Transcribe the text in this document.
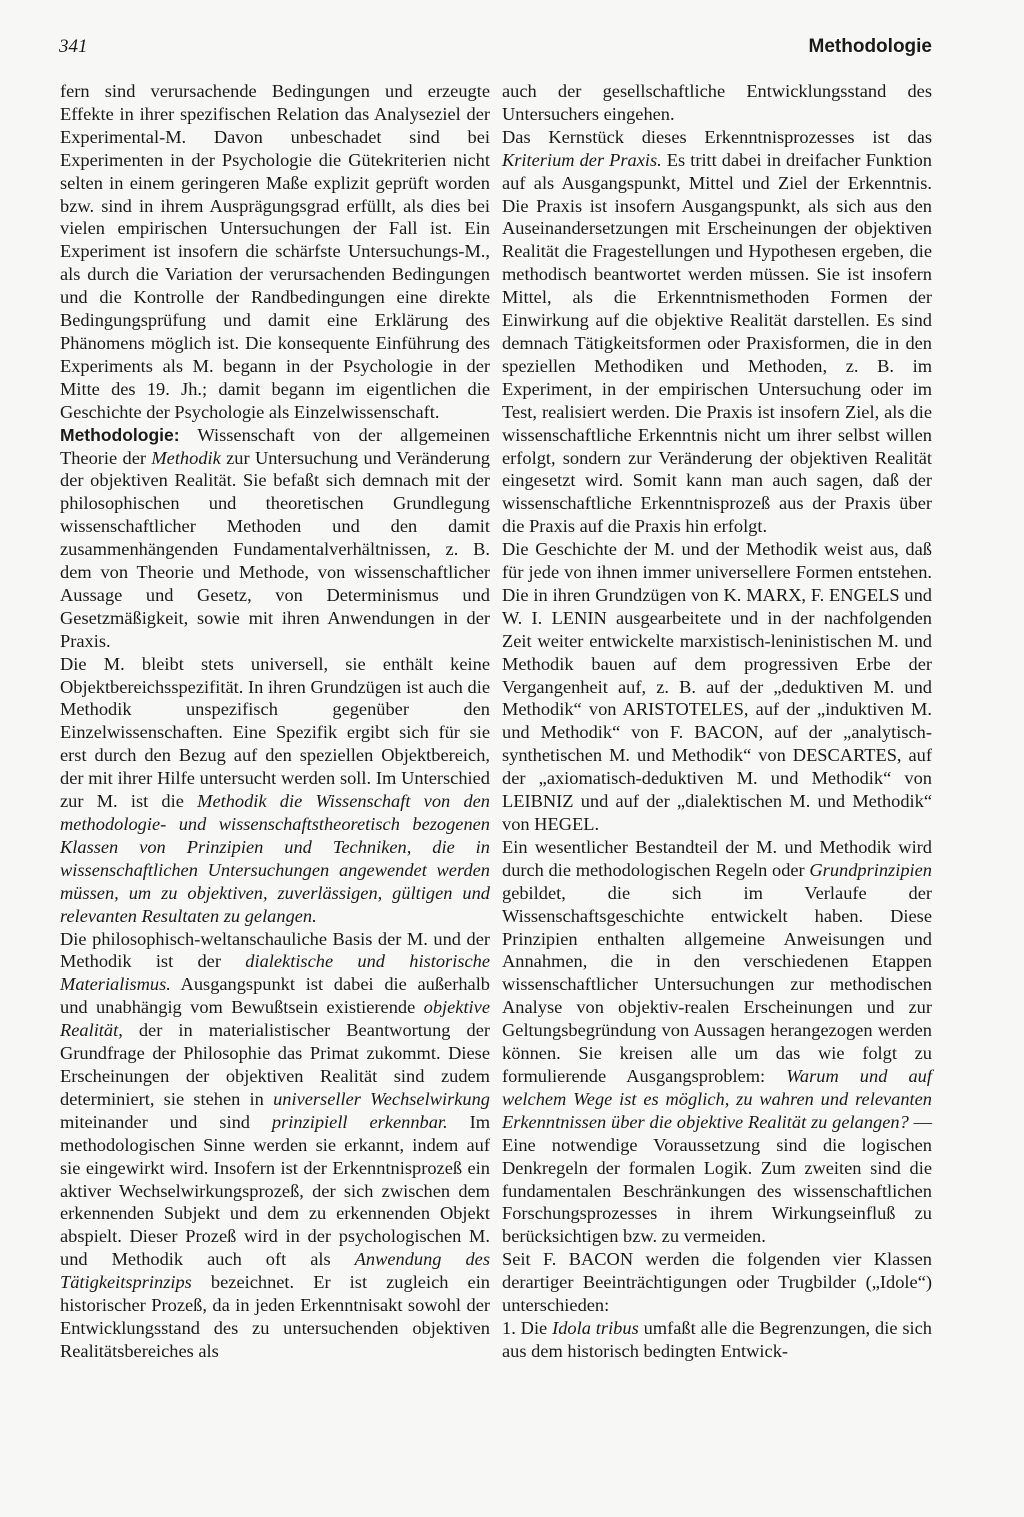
341	Methodologie

fern sind verursachende Bedingungen und erzeugte Effekte in ihrer spezifischen Relation das Analyseziel der Experimental-M. Davon unbeschadet sind bei Experimenten in der Psychologie die Gütekriterien nicht selten in einem geringeren Maße explizit geprüft worden bzw. sind in ihrem Ausprägungsgrad erfüllt, als dies bei vielen empirischen Untersuchungen der Fall ist. Ein Experiment ist insofern die schärfste Untersuchungs-M., als durch die Variation der verursachenden Bedingungen und die Kontrolle der Randbedingungen eine direkte Bedingungsprüfung und damit eine Erklärung des Phänomens möglich ist. Die konsequente Einführung des Experiments als M. begann in der Psychologie in der Mitte des 19. Jh.; damit begann im eigentlichen die Geschichte der Psychologie als Einzelwissenschaft.

Methodologie: Wissenschaft von der allgemeinen Theorie der Methodik zur Untersuchung und Veränderung der objektiven Realität. Sie befaßt sich demnach mit der philosophischen und theoretischen Grundlegung wissenschaftlicher Methoden und den damit zusammenhängenden Fundamentalverhältnissen, z. B. dem von Theorie und Methode, von wissenschaftlicher Aussage und Gesetz, von Determinismus und Gesetzmäßigkeit, sowie mit ihren Anwendungen in der Praxis.

Die M. bleibt stets universell, sie enthält keine Objektbereichsspezifität. In ihren Grundzügen ist auch die Methodik unspezifisch gegenüber den Einzelwissenschaften. Eine Spezifik ergibt sich für sie erst durch den Bezug auf den speziellen Objektbereich, der mit ihrer Hilfe untersucht werden soll. Im Unterschied zur M. ist die Methodik die Wissenschaft von den methodologie- und wissenschaftstheoretisch bezogenen Klassen von Prinzipien und Techniken, die in wissenschaftlichen Untersuchungen angewendet werden müssen, um zu objektiven, zuverlässigen, gültigen und relevanten Resultaten zu gelangen.

Die philosophisch-weltanschauliche Basis der M. und der Methodik ist der dialektische und historische Materialismus. Ausgangspunkt ist dabei die außerhalb und unabhängig vom Bewußtsein existierende objektive Realität, der in materialistischer Beantwortung der Grundfrage der Philosophie das Primat zukommt. Diese Erscheinungen der objektiven Realität sind zudem determiniert, sie stehen in universeller Wechselwirkung miteinander und sind prinzipiell erkennbar. Im methodologischen Sinne werden sie erkannt, indem auf sie eingewirkt wird. Insofern ist der Erkenntnisprozeß ein aktiver Wechselwirkungsprozeß, der sich zwischen dem erkennenden Subjekt und dem zu erkennenden Objekt abspielt. Dieser Prozeß wird in der psychologischen M. und Methodik auch oft als Anwendung des Tätigkeitsprinzips bezeichnet. Er ist zugleich ein historischer Prozeß, da in jeden Erkenntnisakt sowohl der Entwicklungsstand des zu untersuchenden objektiven Realitätsbereiches als

auch der gesellschaftliche Entwicklungsstand des Untersuchers eingehen.

Das Kernstück dieses Erkenntnisprozesses ist das Kriterium der Praxis. Es tritt dabei in dreifacher Funktion auf als Ausgangspunkt, Mittel und Ziel der Erkenntnis. Die Praxis ist insofern Ausgangspunkt, als sich aus den Auseinandersetzungen mit Erscheinungen der objektiven Realität die Fragestellungen und Hypothesen ergeben, die methodisch beantwortet werden müssen. Sie ist insofern Mittel, als die Erkenntnismethoden Formen der Einwirkung auf die objektive Realität darstellen. Es sind demnach Tätigkeitsformen oder Praxisformen, die in den speziellen Methodiken und Methoden, z. B. im Experiment, in der empirischen Untersuchung oder im Test, realisiert werden. Die Praxis ist insofern Ziel, als die wissenschaftliche Erkenntnis nicht um ihrer selbst willen erfolgt, sondern zur Veränderung der objektiven Realität eingesetzt wird. Somit kann man auch sagen, daß der wissenschaftliche Erkenntnisprozeß aus der Praxis über die Praxis auf die Praxis hin erfolgt.

Die Geschichte der M. und der Methodik weist aus, daß für jede von ihnen immer universellere Formen entstehen. Die in ihren Grundzügen von K. MARX, F. ENGELS und W. I. LENIN ausgearbeitete und in der nachfolgenden Zeit weiter entwickelte marxistisch-leninistischen M. und Methodik bauen auf dem progressiven Erbe der Vergangenheit auf, z. B. auf der „deduktiven M. und Methodik“ von ARISTOTELES, auf der „induktiven M. und Methodik“ von F. BACON, auf der „analytisch-synthetischen M. und Methodik“ von DESCARTES, auf der „axiomatisch-deduktiven M. und Methodik“ von LEIBNIZ und auf der „dialektischen M. und Methodik“ von HEGEL.

Ein wesentlicher Bestandteil der M. und Methodik wird durch die methodologischen Regeln oder Grundprinzipien gebildet, die sich im Verlaufe der Wissenschaftsgeschichte entwickelt haben. Diese Prinzipien enthalten allgemeine Anweisungen und Annahmen, die in den verschiedenen Etappen wissenschaftlicher Untersuchungen zur methodischen Analyse von objektiv-realen Erscheinungen und zur Geltungsbegründung von Aussagen herangezogen werden können. Sie kreisen alle um das wie folgt zu formulierende Ausgangsproblem: Warum und auf welchem Wege ist es möglich, zu wahren und relevanten Erkenntnissen über die objektive Realität zu gelangen? — Eine notwendige Voraussetzung sind die logischen Denkregeln der formalen Logik. Zum zweiten sind die fundamentalen Beschränkungen des wissenschaftlichen Forschungsprozesses in ihrem Wirkungseinfluß zu berücksichtigen bzw. zu vermeiden.

Seit F. BACON werden die folgenden vier Klassen derartiger Beeinträchtigungen oder Trugbilder („Idole“) unterschieden:

1. Die Idola tribus umfaßt alle die Begrenzungen, die sich aus dem historisch bedingten Entwick-
